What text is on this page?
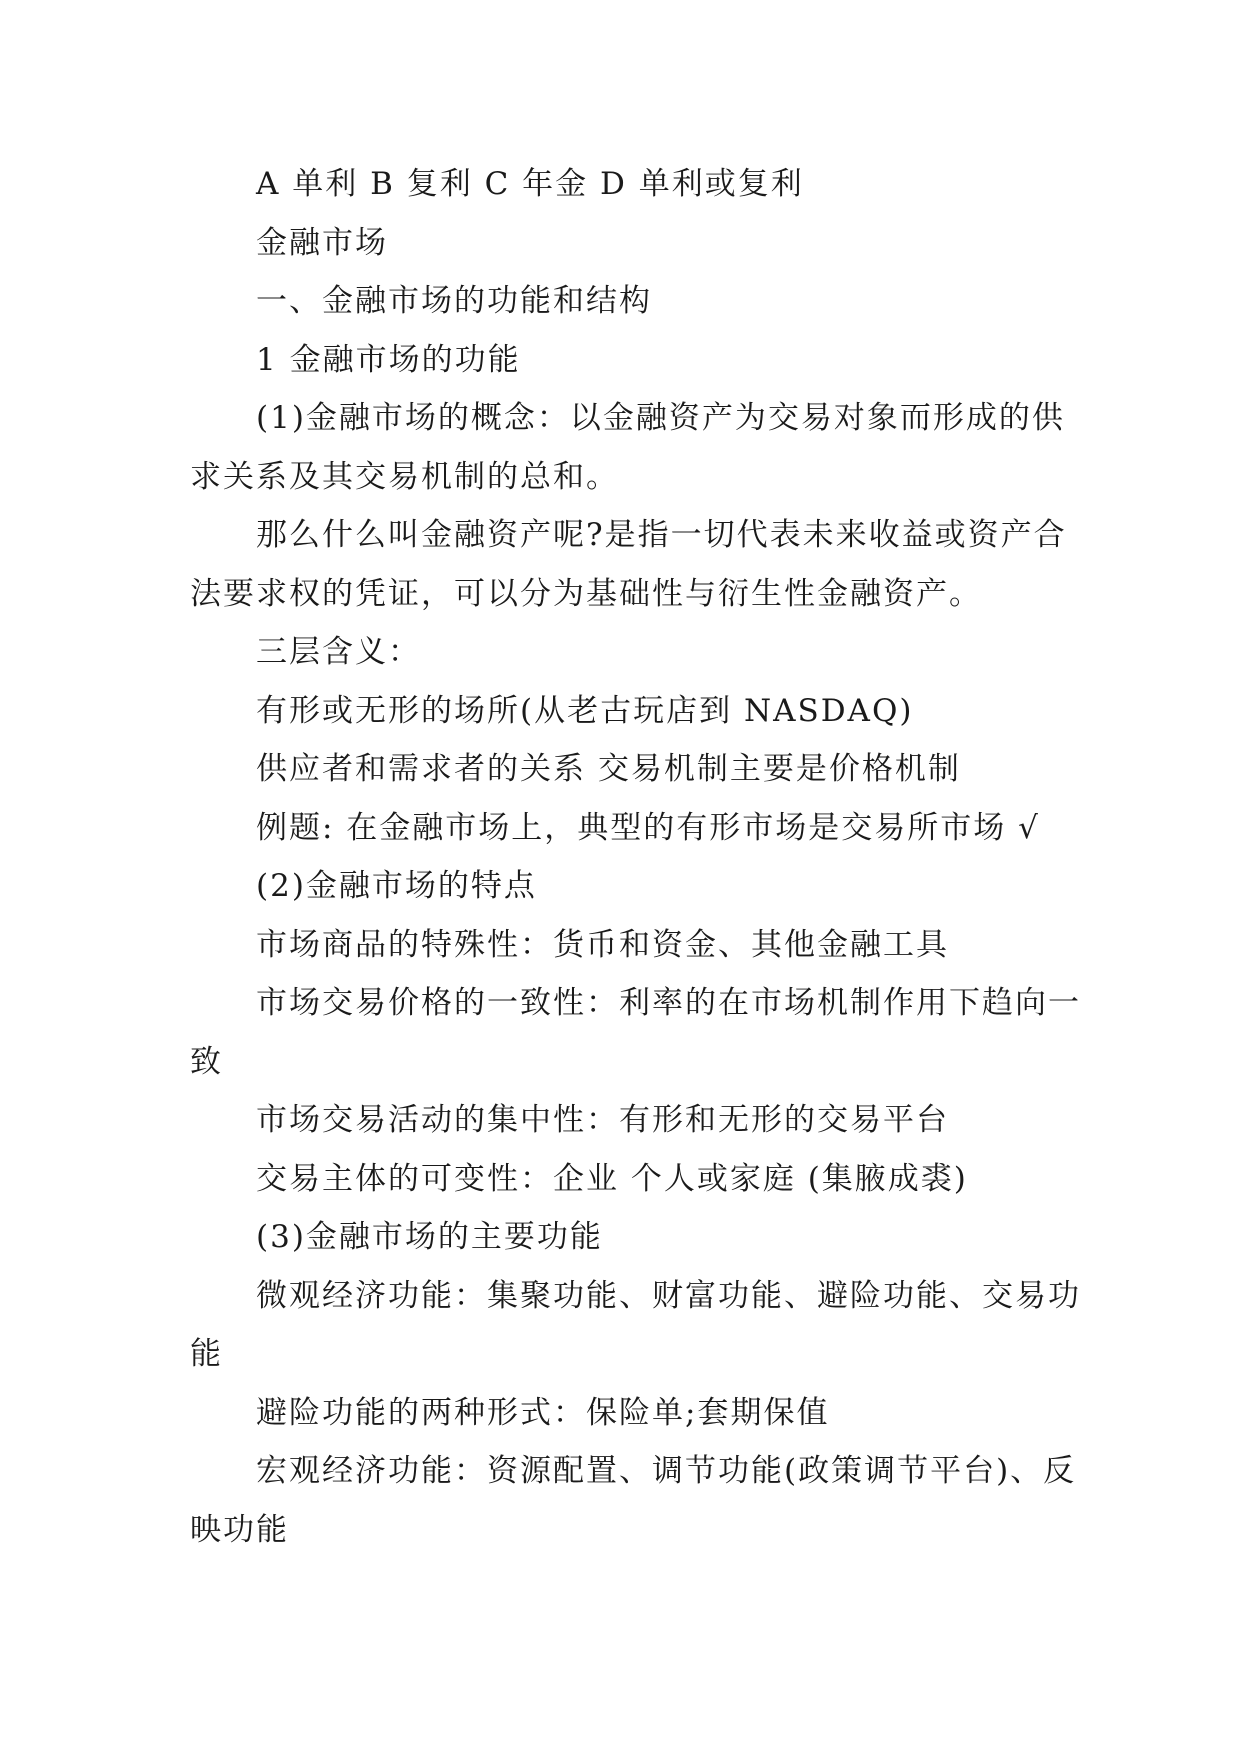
A 单利 B 复利 C 年金 D 单利或复利

金融市场

一、金融市场的功能和结构

1 金融市场的功能

(1)金融市场的概念：以金融资产为交易对象而形成的供求关系及其交易机制的总和。

那么什么叫金融资产呢?是指一切代表未来收益或资产合法要求权的凭证，可以分为基础性与衍生性金融资产。

三层含义：

有形或无形的场所(从老古玩店到 NASDAQ)

供应者和需求者的关系 交易机制主要是价格机制

例题: 在金融市场上，典型的有形市场是交易所市场 √

(2)金融市场的特点

市场商品的特殊性：货币和资金、其他金融工具

市场交易价格的一致性：利率的在市场机制作用下趋向一致

市场交易活动的集中性：有形和无形的交易平台

交易主体的可变性：企业 个人或家庭 (集腋成裘)

(3)金融市场的主要功能

微观经济功能：集聚功能、财富功能、避险功能、交易功能

避险功能的两种形式：保险单;套期保值

宏观经济功能：资源配置、调节功能(政策调节平台)、反映功能
